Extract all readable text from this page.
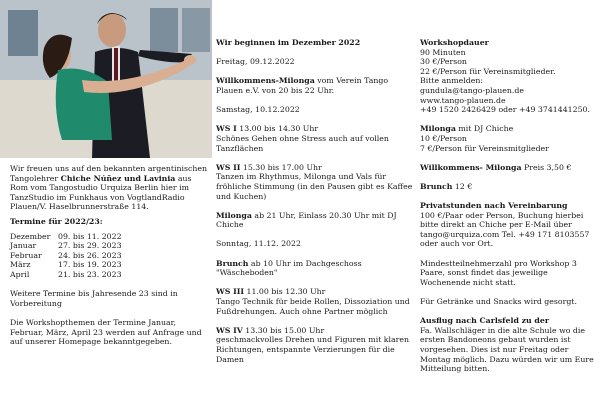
Wir freuen uns auf den bekannten argentinischen Tangolehrer Chiche Núñez und Lavinia aus Rom vom Tangostudio Urquiza Berlin hier im TanzStudio im Funkhaus von VogtlandRadio Plauen/V. Haselbrunnerstraße 114.

Termine für 2022/23:

Dezember	09. bis 11. 2022
Januar	27. bis 29. 2023
Februar	24. bis 26. 2023
März	17. bis 19. 2023
April	21. bis 23. 2023

Weitere Termine bis Jahresende 23 sind in Vorbereitung

Die Workshopthemen der Termine Januar, Februar, März, April 23 werden auf Anfrage und auf unserer Homepage bekanntgegeben.

Wir beginnen im Dezember 2022

Freitag, 09.12.2022

Willkommens-Milonga vom Verein Tango Plauen e.V. von 20 bis 22 Uhr.

Samstag, 10.12.2022

WS I 13.00 bis 14.30 Uhr

Schönes Gehen ohne Stress auch auf vollen Tanzflächen

WS II 15.30 bis 17.00 Uhr

Tanzen im Rhythmus, Milonga und Vals für fröhliche Stimmung (in den Pausen gibt es Kaffee und Kuchen)

Milonga ab 21 Uhr, Einlass 20.30 Uhr mit DJ Chiche

Sonntag, 11.12. 2022

Brunch ab 10 Uhr im Dachgeschoss "Wäscheboden"

WS III 11.00 bis 12.30 Uhr

Tango Technik für beide Rollen, Dissoziation und Fußdrehungen. Auch ohne Partner möglich

WS IV 13.30 bis 15.00 Uhr

geschmackvolles Drehen und Figuren mit klaren Richtungen, entspannte Verzierungen für die Damen

Workshopdauer

90 Minuten

30 €/Person

22 €/Person für Vereinsmitglieder.

Bitte anmelden:

gundula@tango-plauen.de

www.tango-plauen.de

+49 1520 2426429 oder +49 3741441250.

Milonga mit DJ Chiche

10 €/Person

7 €/Person für Vereinsmitglieder

Willkommens- Milonga Preis 3,50 €

Brunch 12 €

Privatstunden nach Vereinbarung

100 €/Paar oder Person, Buchung hierbei bitte direkt an Chiche per E-Mail über tango@urquiza.com Tel. +49 171 8103557 oder auch vor Ort.

Mindestteilnehmerzahl pro Workshop 3 Paare, sonst findet das jeweilige Wochenende nicht statt.

Für Getränke und Snacks wird gesorgt.

Ausflug nach Carlsfeld zu der

Fa. Wallschläger in die alte Schule wo die ersten Bandoneons gebaut wurden ist vorgesehen. Dies ist nur Freitag oder Montag möglich. Dazu würden wir um Eure Mitteilung bitten.
